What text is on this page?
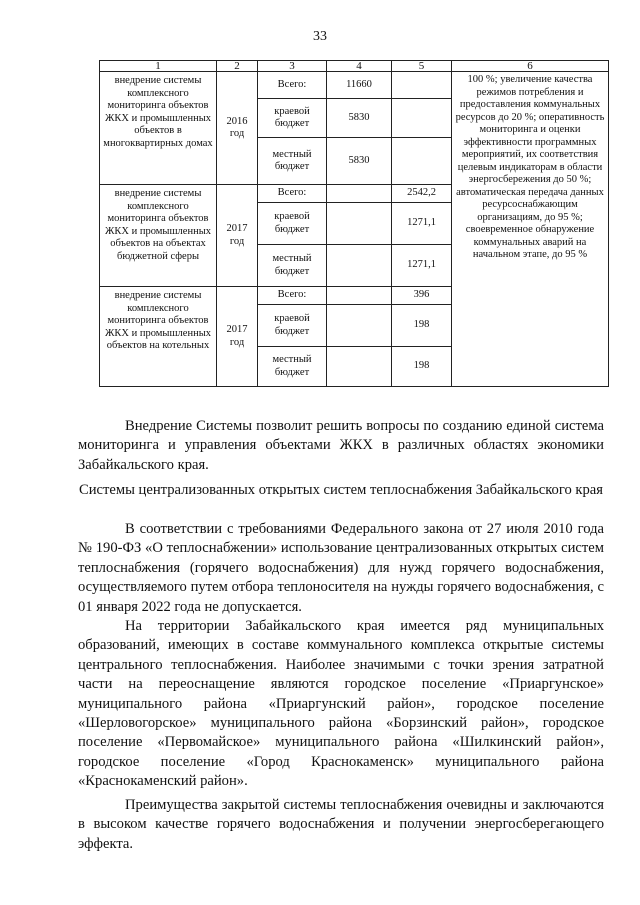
33
1	2	3	4	5	6
внедрение системы комплексного мониторинга объектов ЖКХ и промышленных объектов в многоквартирных домах	2016 год	Всего:	11660		100 %; увеличение качества режимов потребления и предоставления коммунальных ресурсов до 20 %; оперативность мониторинга и оценки эффективности программных мероприятий, их соответствия целевым индикаторам в области энергосбережения до 50 %; автоматическая передача данных ресурсоснабжающим организациям, до 95 %; своевременное обнаружение коммунальных аварий на начальном этапе, до 95 %
		краевой бюджет	5830		
		местный бюджет	5830		
внедрение системы комплексного мониторинга объектов ЖКХ и промышленных объектов на объектах бюджетной сферы	2017 год	Всего:		2542,2	
		краевой бюджет		1271,1	
		местный бюджет		1271,1	
внедрение системы комплексного мониторинга объектов ЖКХ и промышленных объектов на котельных	2017 год	Всего:		396	
		краевой бюджет		198	
		местный бюджет		198	

Внедрение Системы позволит решить вопросы по созданию единой система мониторинга и управления объектами ЖКХ в различных областях экономики Забайкальского края.

Системы централизованных открытых систем теплоснабжения Забайкальского края

В соответствии с требованиями Федерального закона от 27 июля 2010 года № 190-ФЗ «О теплоснабжении» использование централизованных открытых систем теплоснабжения (горячего водоснабжения) для нужд горячего водоснабжения, осуществляемого путем отбора теплоносителя на нужды горячего водоснабжения, с 01 января 2022 года не допускается.

На территории Забайкальского края имеется ряд муниципальных образований, имеющих в составе коммунального комплекса открытые системы центрального теплоснабжения. Наиболее значимыми с точки зрения затратной части на переоснащение являются городское поселение «Приаргунское» муниципального района «Приаргунский район», городское поселение «Шерловогорское» муниципального района «Борзинский район», городское поселение «Первомайское» муниципального района «Шилкинский район», городское поселение «Город Краснокаменск» муниципального района «Краснокаменский район».

Преимущества закрытой системы теплоснабжения очевидны и заключаются в высоком качестве горячего водоснабжения и получении энергосберегающего эффекта.
